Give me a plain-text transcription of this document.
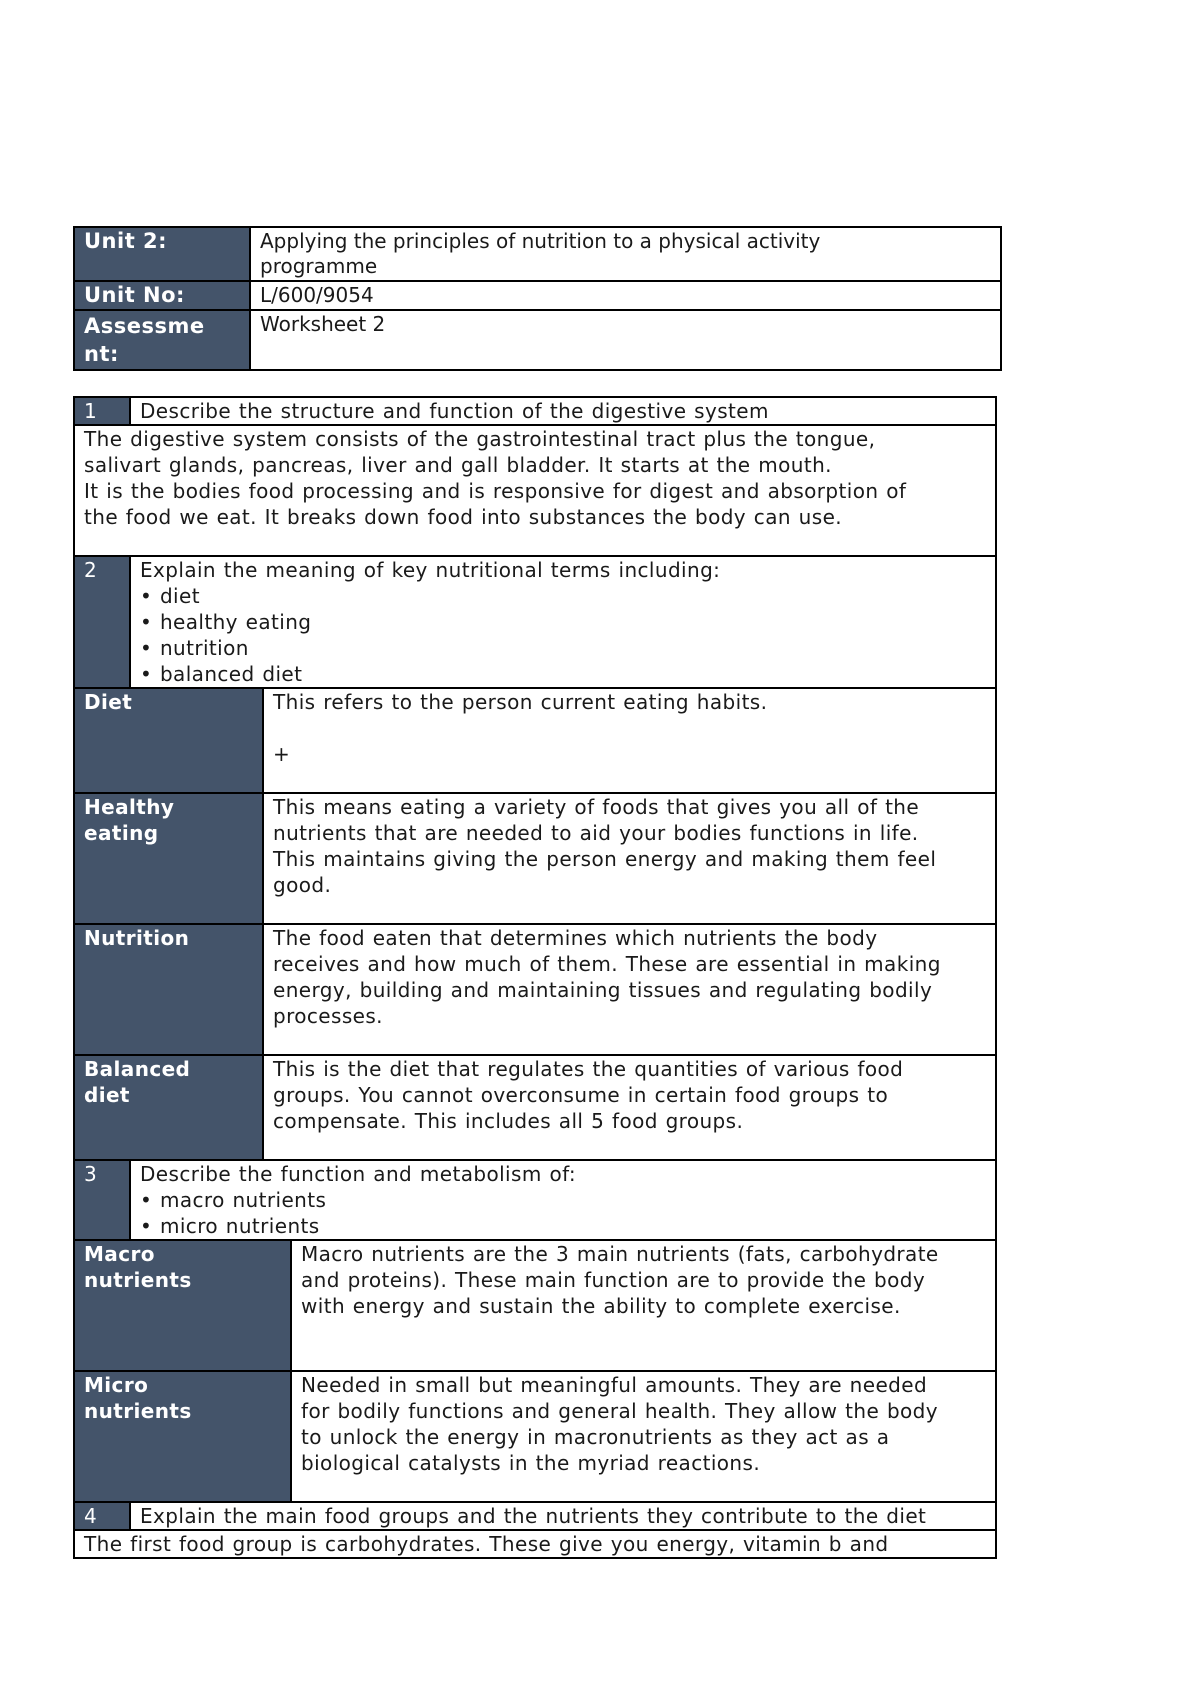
Unit 2:	Applying the principles of nutrition to a physical activity
programme

Unit No:	L/600/9054

Assessme
nt:	Worksheet 2
1	Describe the structure and function of the digestive system		

The digestive system consists of the gastrointestinal tract plus the tongue,
salivart glands, pancreas, liver and gall bladder. It starts at the mouth.
It is the bodies food processing and is responsive for digest and absorption of
the food we eat. It breaks down food into substances the body can use.			

2	Explain the meaning of key nutritional terms including:
• diet
• healthy eating
• nutrition
• balanced diet		

Diet		This refers to the person current eating habits.
+	

Healthy
eating		This means eating a variety of foods that gives you all of the
nutrients that are needed to aid your bodies functions in life.
This maintains giving the person energy and making them feel
good.	

Nutrition		The food eaten that determines which nutrients the body
receives and how much of them. These are essential in making
energy, building and maintaining tissues and regulating bodily
processes.	

Balanced
diet		This is the diet that regulates the quantities of various food
groups. You cannot overconsume in certain food groups to
compensate. This includes all 5 food groups.	

3	Describe the function and metabolism of:
• macro nutrients
• micro nutrients		

Macro
nutrients			Macro nutrients are the 3 main nutrients (fats, carbohydrate
and proteins). These main function are to provide the body
with energy and sustain the ability to complete exercise.

Micro
nutrients			Needed in small but meaningful amounts. They are needed
for bodily functions and general health. They allow the body
to unlock the energy in macronutrients as they act as a
biological catalysts in the myriad reactions.

4	Explain the main food groups and the nutrients they contribute to the diet		

The first food group is carbohydrates. These give you energy, vitamin b and			
